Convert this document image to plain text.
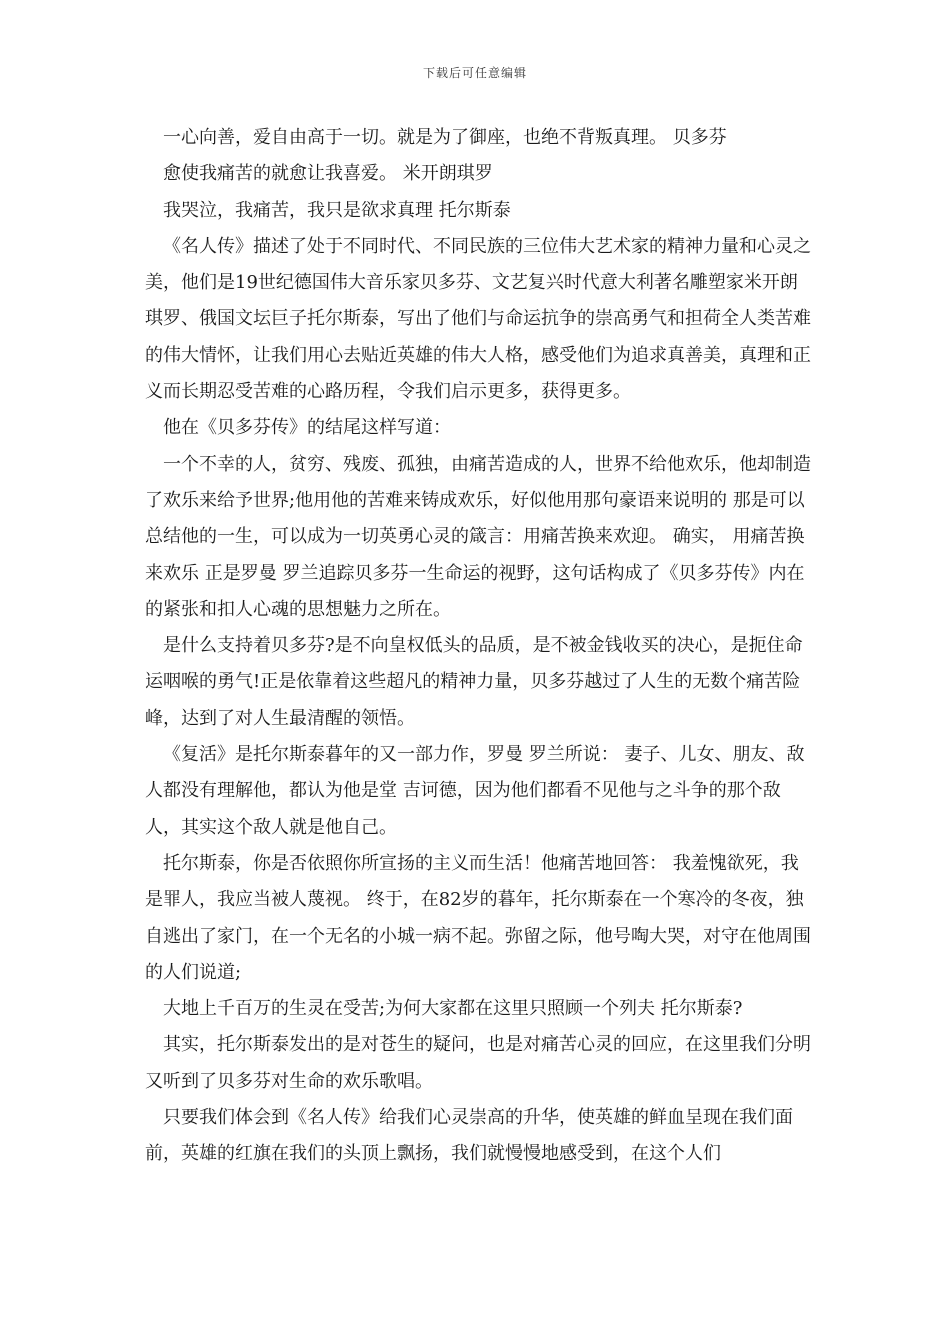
下载后可任意编辑

一心向善，爱自由高于一切。就是为了御座，也绝不背叛真理。 贝多芬

愈使我痛苦的就愈让我喜爱。 米开朗琪罗

我哭泣，我痛苦，我只是欲求真理 托尔斯泰

《名人传》描述了处于不同时代、不同民族的三位伟大艺术家的精神力量和心灵之美，他们是19世纪德国伟大音乐家贝多芬、文艺复兴时代意大利著名雕塑家米开朗琪罗、俄国文坛巨子托尔斯泰，写出了他们与命运抗争的崇高勇气和担荷全人类苦难的伟大情怀，让我们用心去贴近英雄的伟大人格，感受他们为追求真善美，真理和正义而长期忍受苦难的心路历程，令我们启示更多，获得更多。

他在《贝多芬传》的结尾这样写道：

一个不幸的人，贫穷、残废、孤独，由痛苦造成的人，世界不给他欢乐，他却制造了欢乐来给予世界;他用他的苦难来铸成欢乐，好似他用那句豪语来说明的 那是可以总结他的一生，可以成为一切英勇心灵的箴言：用痛苦换来欢迎。 确实， 用痛苦换来欢乐 正是罗曼 罗兰追踪贝多芬一生命运的视野，这句话构成了《贝多芬传》内在的紧张和扣人心魂的思想魅力之所在。

是什么支持着贝多芬?是不向皇权低头的品质，是不被金钱收买的决心，是扼住命运咽喉的勇气!正是依靠着这些超凡的精神力量，贝多芬越过了人生的无数个痛苦险峰，达到了对人生最清醒的领悟。

《复活》是托尔斯泰暮年的又一部力作，罗曼 罗兰所说： 妻子、儿女、朋友、敌人都没有理解他，都认为他是堂 吉诃德，因为他们都看不见他与之斗争的那个敌人，其实这个敌人就是他自己。

托尔斯泰，你是否依照你所宣扬的主义而生活！他痛苦地回答： 我羞愧欲死，我是罪人，我应当被人蔑视。 终于，在82岁的暮年，托尔斯泰在一个寒冷的冬夜，独自逃出了家门，在一个无名的小城一病不起。弥留之际，他号啕大哭，对守在他周围的人们说道;

大地上千百万的生灵在受苦;为何大家都在这里只照顾一个列夫 托尔斯泰?

其实，托尔斯泰发出的是对苍生的疑问，也是对痛苦心灵的回应，在这里我们分明又听到了贝多芬对生命的欢乐歌唱。

只要我们体会到《名人传》给我们心灵崇高的升华，使英雄的鲜血呈现在我们面前，英雄的红旗在我们的头顶上飘扬，我们就慢慢地感受到，在这个人们
